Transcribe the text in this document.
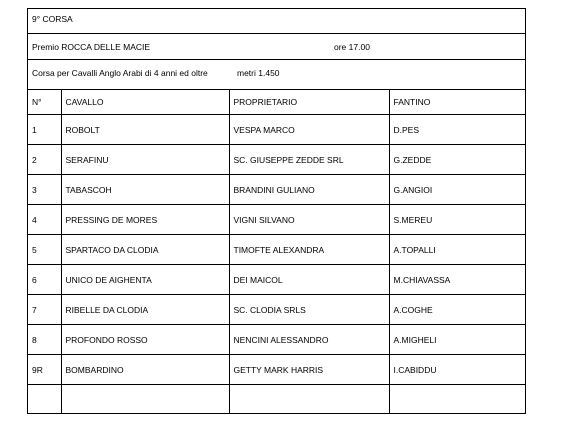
9° CORSA
Premio ROCCA DELLE MACIE	ore 17.00
Corsa per Cavalli Anglo Arabi di 4 anni ed oltre	metri 1.450
N°	CAVALLO	PROPRIETARIO	FANTINO
1	ROBOLT	VESPA MARCO	D.PES
2	SERAFINU	SC. GIUSEPPE ZEDDE SRL	G.ZEDDE
3	TABASCOH	BRANDINI GULIANO	G.ANGIOI
4	PRESSING DE MORES	VIGNI SILVANO	S.MEREU
5	SPARTACO DA CLODIA	TIMOFTE ALEXANDRA	A.TOPALLI
6	UNICO DE AIGHENTA	DEI MAICOL	M.CHIAVASSA
7	RIBELLE DA CLODIA	SC. CLODIA SRLS	A.COGHE
8	PROFONDO ROSSO	NENCINI ALESSANDRO	A.MIGHELI
9R	BOMBARDINO	GETTY MARK HARRIS	I.CABIDDU
